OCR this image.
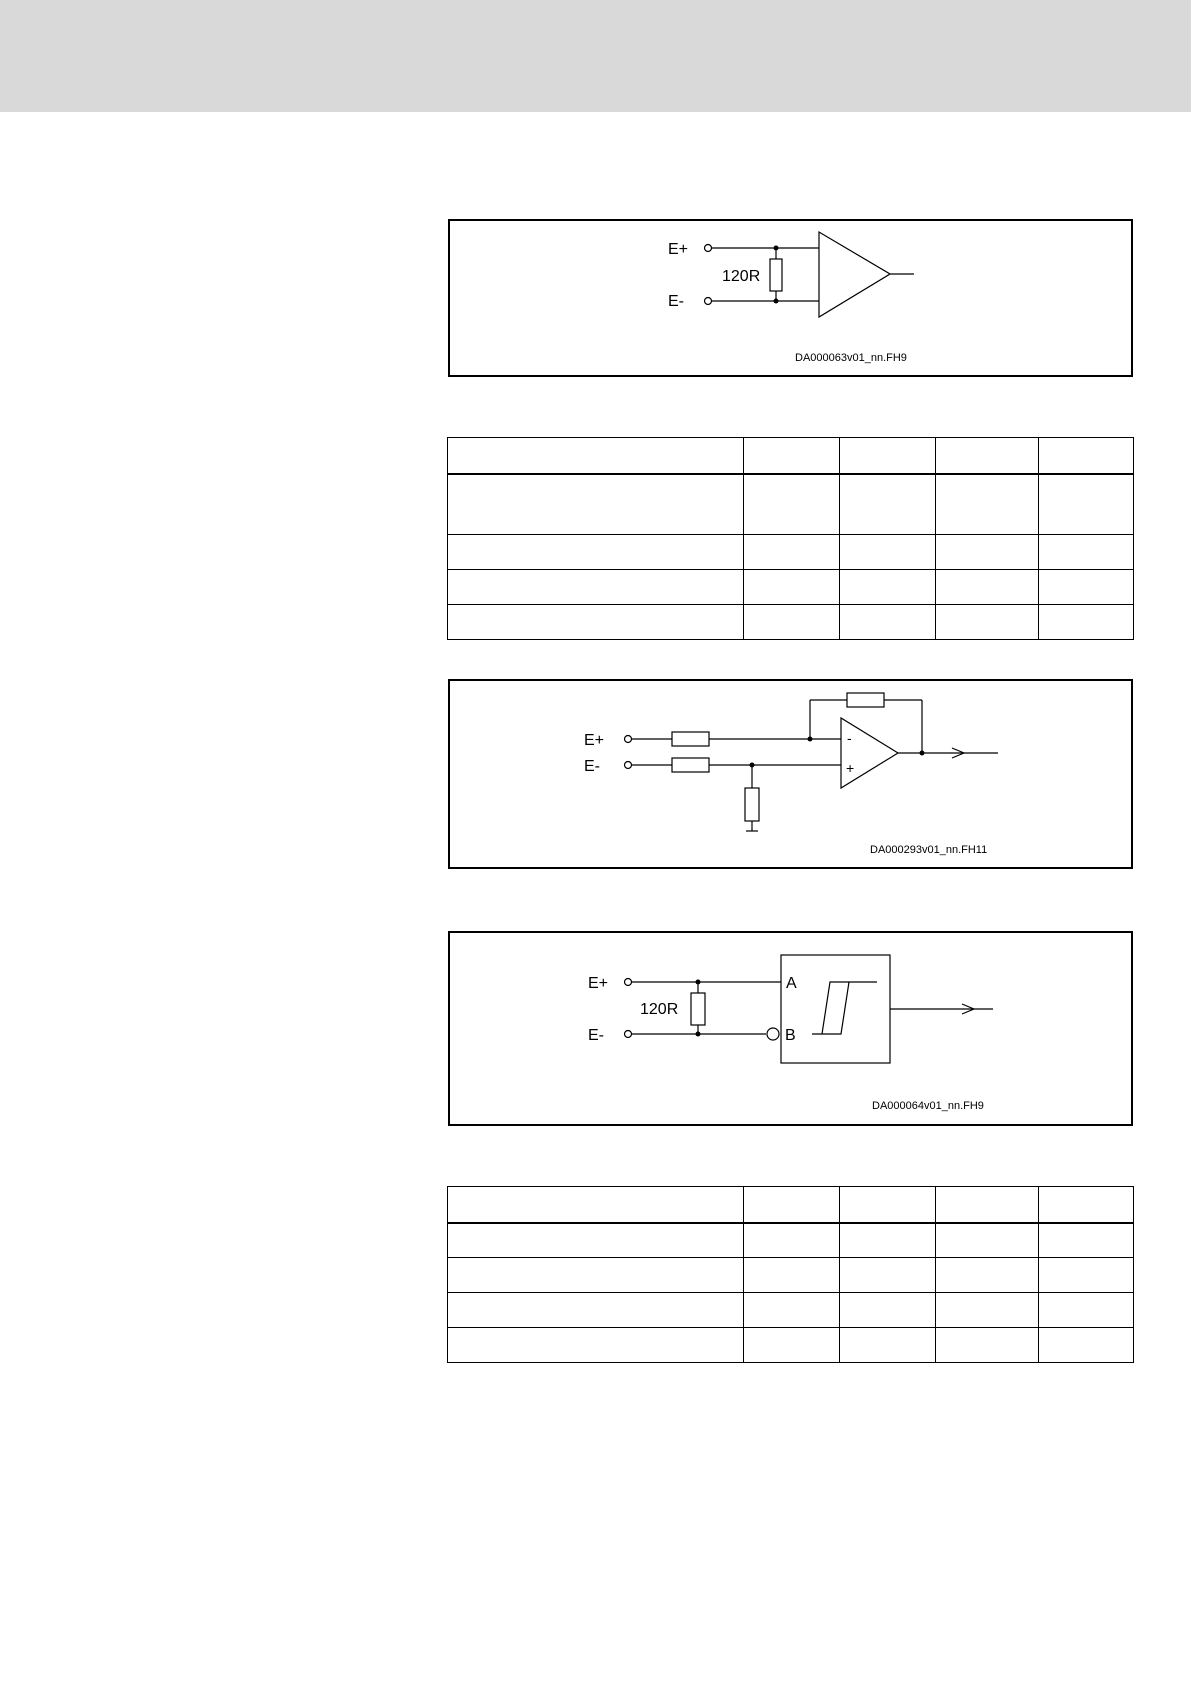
E+
E-
120R
DA000063v01_nn.FH9

E+
E-
-
+
DA000293v01_nn.FH11
E+
E-
120R
A
B
DA000064v01_nn.FH9
